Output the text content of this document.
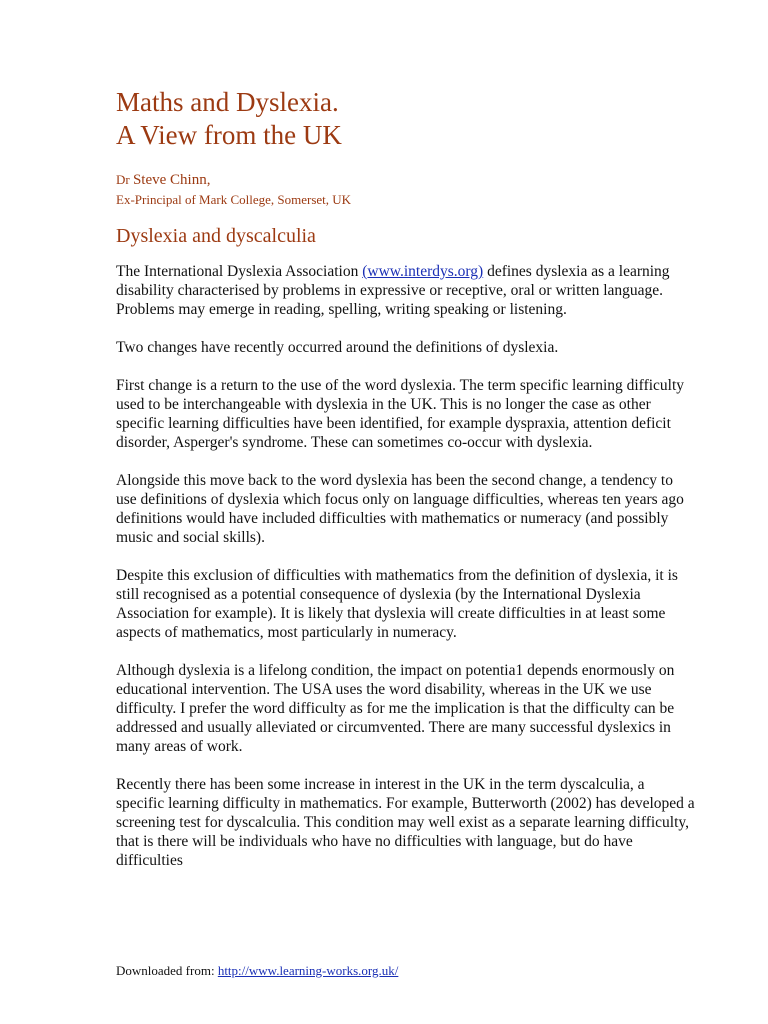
Maths and Dyslexia.
A View from the UK
Dr Steve Chinn,
Ex-Principal of Mark College, Somerset, UK
Dyslexia and dyscalculia

The International Dyslexia Association (www.interdys.org) defines dyslexia as a learning disability characterised by problems in expressive or receptive, oral or written language. Problems may emerge in reading, spelling, writing speaking or listening.

Two changes have recently occurred around the definitions of dyslexia.

First change is a return to the use of the word dyslexia. The term specific learning difficulty used to be interchangeable with dyslexia in the UK. This is no longer the case as other specific learning difficulties have been identified, for example dyspraxia, attention deficit disorder, Asperger's syndrome. These can sometimes co-occur with dyslexia.

Alongside this move back to the word dyslexia has been the second change, a tendency to use definitions of dyslexia which focus only on language difficulties, whereas ten years ago definitions would have included difficulties with mathematics or numeracy (and possibly music and social skills).

Despite this exclusion of difficulties with mathematics from the definition of dyslexia, it is still recognised as a potential consequence of dyslexia (by the International Dyslexia Association for example). It is likely that dyslexia will create difficulties in at least some aspects of mathematics, most particularly in numeracy.

Although dyslexia is a lifelong condition, the impact on potentia1 depends enormously on educational intervention. The USA uses the word disability, whereas in the UK we use difficulty. I prefer the word difficulty as for me the implication is that the difficulty can be addressed and usually alleviated or circumvented. There are many successful dyslexics in many areas of work.

Recently there has been some increase in interest in the UK in the term dyscalculia, a specific learning difficulty in mathematics. For example, Butterworth (2002) has developed a screening test for dyscalculia. This condition may well exist as a separate learning difficulty, that is there will be individuals who have no difficulties with language, but do have difficulties

Downloaded from: http://www.learning-works.org.uk/
